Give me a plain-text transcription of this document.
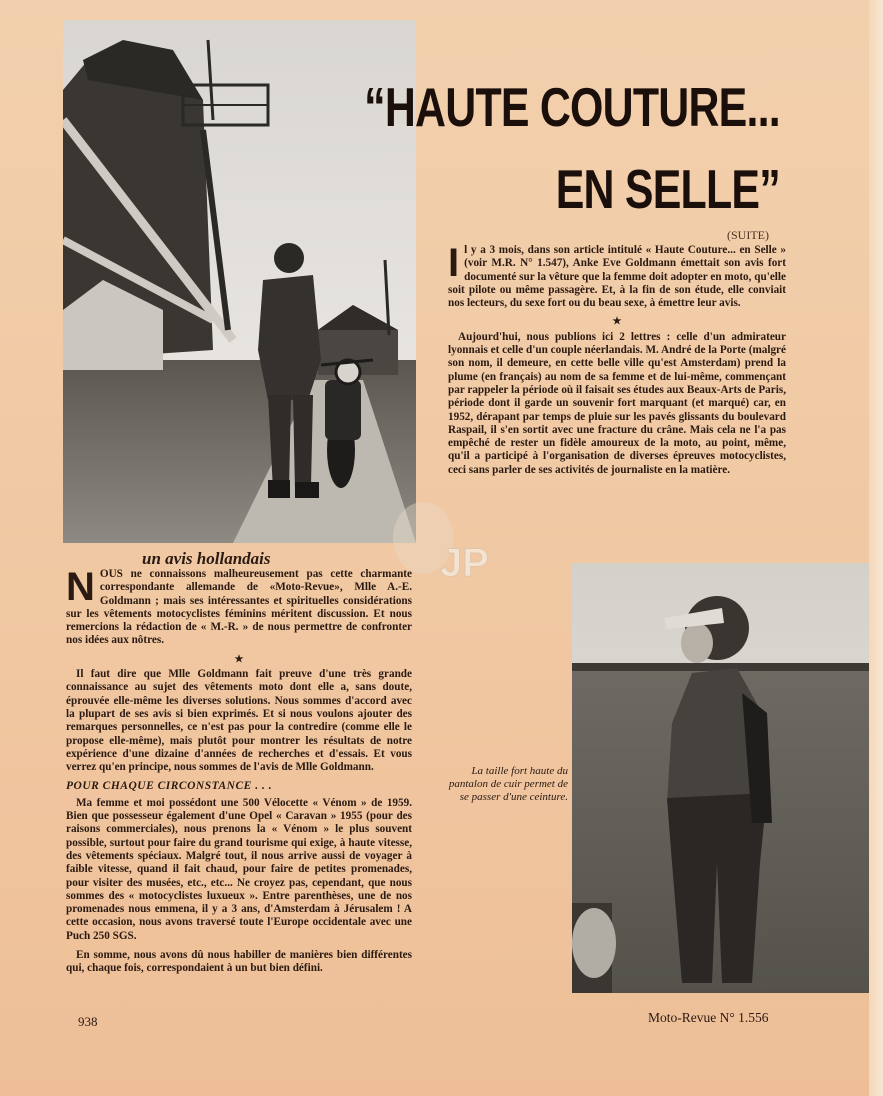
“HAUTE COUTURE...
EN SELLE”
(SUITE)
I l y a 3 mois, dans son article intitulé « Haute Couture... en Selle » (voir M.R. N° 1.547), Anke Eve Goldmann émettait son avis fort documenté sur la vêture que la femme doit adopter en moto, qu'elle soit pilote ou même passagère. Et, à la fin de son étude, elle conviait nos lecteurs, du sexe fort ou du beau sexe, à émettre leur avis.

★

Aujourd'hui, nous publions ici 2 lettres : celle d'un admirateur lyonnais et celle d'un couple néerlandais. M. André de la Porte (malgré son nom, il demeure, en cette belle ville qu'est Amsterdam) prend la plume (en français) au nom de sa femme et de lui-même, commençant par rappeler la période où il faisait ses études aux Beaux-Arts de Paris, période dont il garde un souvenir fort marquant (et marqué) car, en 1952, dérapant par temps de pluie sur les pavés glissants du boulevard Raspail, il s'en sortit avec une fracture du crâne. Mais cela ne l'a pas empêché de rester un fidèle amoureux de la moto, au point, même, qu'il a participé à l'organisation de diverses épreuves motocyclistes, ceci sans parler de ses activités de journaliste en la matière.

un avis hollandais
N OUS ne connaissons malheureusement pas cette charmante correspondante allemande de «Moto-Revue», Mlle A.-E. Goldmann ; mais ses intéressantes et spirituelles considérations sur les vêtements motocyclistes féminins méritent discussion. Et nous remercions la rédaction de « M.-R. » de nous permettre de confronter nos idées aux nôtres.

★

Il faut dire que Mlle Goldmann fait preuve d'une très grande connaissance au sujet des vêtements moto dont elle a, sans doute, éprouvée elle-même les diverses solutions. Nous sommes d'accord avec la plupart de ses avis si bien exprimés. Et si nous voulons ajouter des remarques personnelles, ce n'est pas pour la contredire (comme elle le propose elle-même), mais plutôt pour montrer les résultats de notre expérience d'une dizaine d'années de recherches et d'essais. Et vous verrez qu'en principe, nous sommes de l'avis de Mlle Goldmann.

POUR CHAQUE CIRCONSTANCE . . .

Ma femme et moi possédont une 500 Vélocette « Vénom » de 1959. Bien que possesseur également d'une Opel « Caravan » 1955 (pour des raisons commerciales), nous prenons la « Vénom » le plus souvent possible, surtout pour faire du grand tourisme qui exige, à haute vitesse, des vêtements spéciaux. Malgré tout, il nous arrive aussi de voyager à faible vitesse, quand il fait chaud, pour faire de petites promenades, pour visiter des musées, etc., etc... Ne croyez pas, cependant, que nous sommes des « motocyclistes luxueux ». Entre parenthèses, une de nos promenades nous emmena, il y a 3 ans, d'Amsterdam à Jérusalem ! A cette occasion, nous avons traversé toute l'Europe occidentale avec une Puch 250 SGS.

En somme, nous avons dû nous habiller de manières bien différentes qui, chaque fois, correspondaient à un but bien défini.

La taille fort haute du pantalon de cuir permet de se passer d'une ceinture.
JP
938	Moto-Revue N° 1.556
